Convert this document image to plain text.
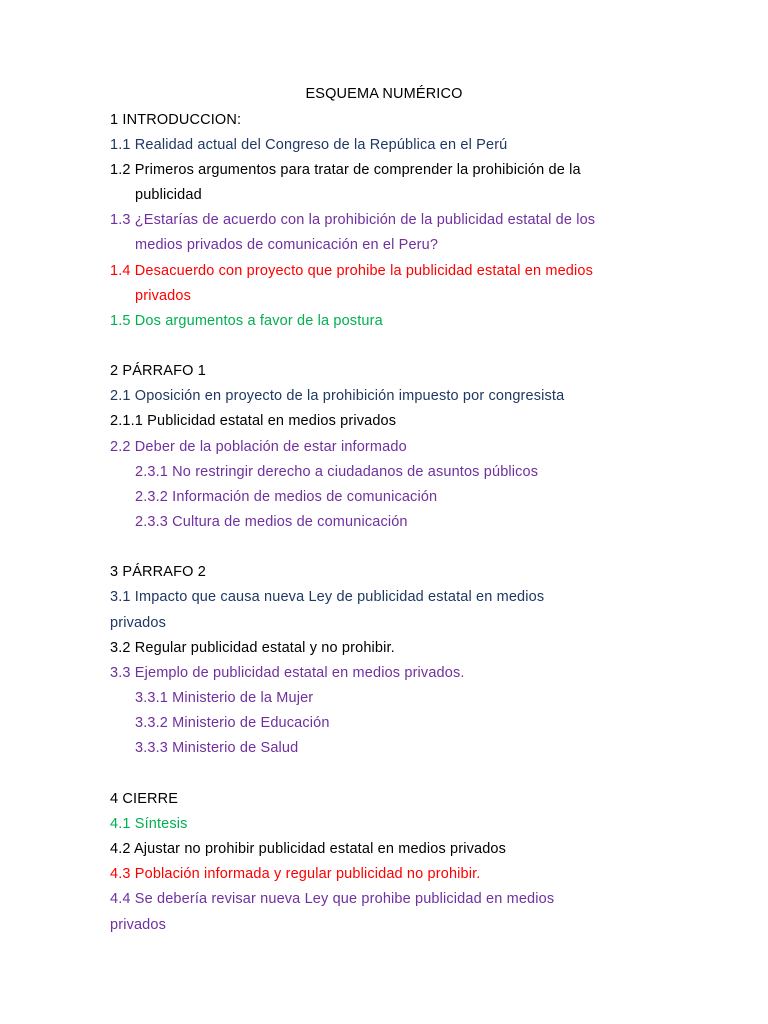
ESQUEMA NUMÉRICO
1 INTRODUCCION:
1.1 Realidad actual del Congreso de la República en el Perú
1.2 Primeros argumentos para tratar de comprender la prohibición de la
publicidad
1.3 ¿Estarías de acuerdo con la prohibición de la publicidad estatal de los
medios privados de comunicación en el Peru?
1.4 Desacuerdo con proyecto que prohibe la publicidad estatal en medios
privados
1.5 Dos argumentos a favor de la postura
2 PÁRRAFO 1
2.1 Oposición en proyecto de la prohibición impuesto por congresista
2.1.1 Publicidad estatal en medios privados
2.2 Deber de la población de estar informado
2.3.1 No restringir derecho a ciudadanos de asuntos públicos
2.3.2 Información de medios de comunicación
2.3.3 Cultura de medios de comunicación
3 PÁRRAFO 2
3.1 Impacto que causa nueva Ley de publicidad estatal en medios
privados
3.2 Regular publicidad estatal y no prohibir.
3.3 Ejemplo de publicidad estatal en medios privados.
3.3.1 Ministerio de la Mujer
3.3.2 Ministerio de Educación
3.3.3 Ministerio de Salud
4 CIERRE
4.1 Síntesis
4.2 Ajustar no prohibir publicidad estatal en medios privados
4.3 Población informada y regular publicidad no prohibir.
4.4 Se debería revisar nueva Ley que prohibe publicidad en medios
privados
